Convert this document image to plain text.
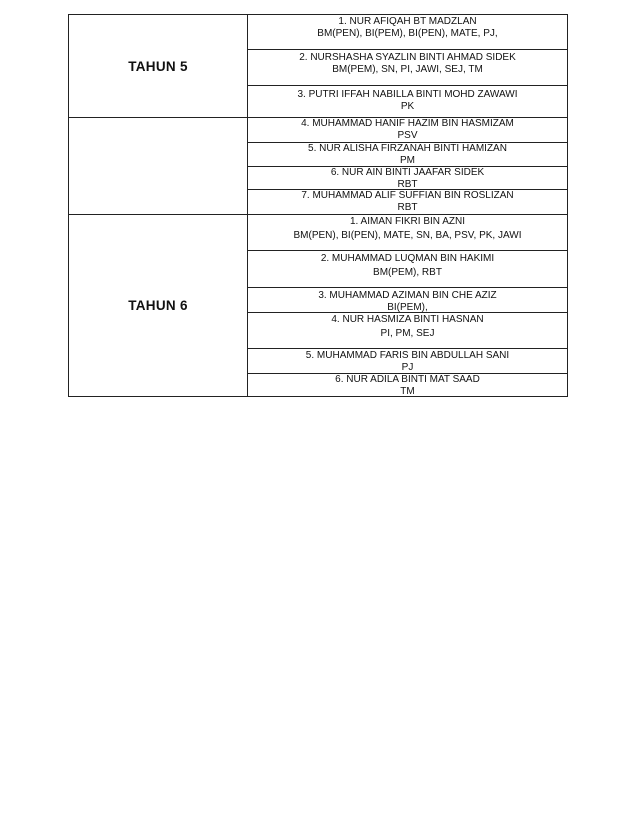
TAHUN 5
TAHUN 6
1. NUR AFIQAH BT MADZLAN
BM(PEN), BI(PEM), BI(PEN), MATE, PJ,
2. NURSHASHA SYAZLIN BINTI AHMAD SIDEK
BM(PEM), SN, PI, JAWI, SEJ, TM
3. PUTRI IFFAH NABILLA BINTI MOHD ZAWAWI
PK
4. MUHAMMAD HANIF HAZIM BIN HASMIZAM
PSV
5. NUR ALISHA FIRZANAH BINTI HAMIZAN
PM
6. NUR AIN BINTI JAAFAR SIDEK
RBT
7. MUHAMMAD ALIF SUFFIAN BIN ROSLIZAN
RBT
1. AIMAN FIKRI BIN AZNI
BM(PEN), BI(PEN), MATE, SN, BA, PSV, PK, JAWI
2. MUHAMMAD LUQMAN BIN HAKIMI
BM(PEM), RBT
3. MUHAMMAD AZIMAN BIN CHE AZIZ
BI(PEM),
4. NUR HASMIZA BINTI HASNAN
PI, PM, SEJ
5. MUHAMMAD FARIS BIN ABDULLAH SANI
PJ
6. NUR ADILA BINTI MAT SAAD
TM
